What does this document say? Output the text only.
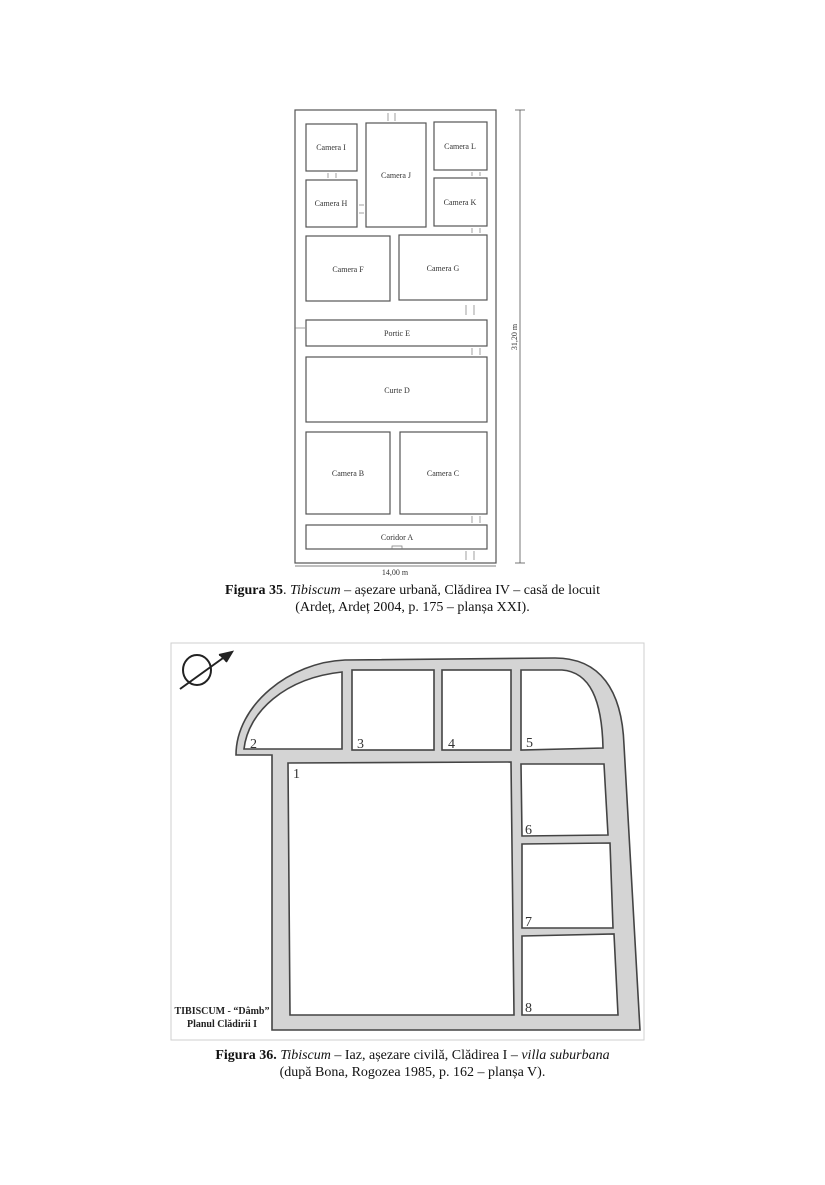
Camera I
Camera J
Camera L
Camera H	Camera K
Camera F	Camera G
Portic E
Curte D
Camera B	Camera C
Coridor A
14,00 m
31,20 m
Figura 35. Tibiscum – așezare urbană, Clădirea IV – casă de locuit
(Ardeț, Ardeț 2004, p. 175 – planșa XXI).
1
2	3	4	5
6
7
8
TIBISCUM - “Dâmb”
Planul Clădirii I
Figura 36. Tibiscum – Iaz, așezare civilă, Clădirea I – villa suburbana
(după Bona, Rogozea 1985, p. 162 – planșa V).
